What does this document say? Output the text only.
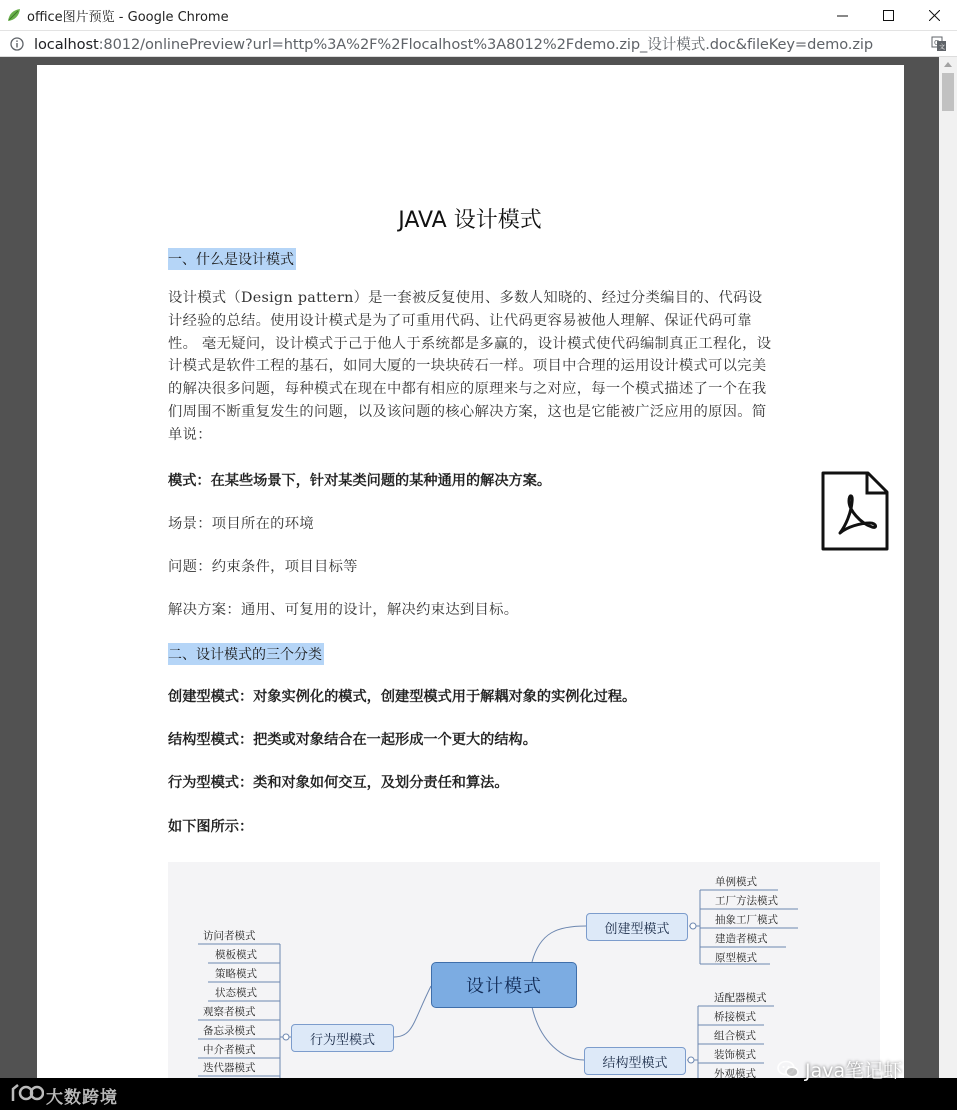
office图片预览 - Google Chrome
localhost:8012/onlinePreview?url=http%3A%2F%2Flocalhost%3A8012%2Fdemo.zip_设计模式.doc&fileKey=demo.zip	G
文
JAVA 设计模式
一、什么是设计模式
设计模式（Design pattern）是一套被反复使用、多数人知晓的、经过分类编目的、代码设计经验的总结。使用设计模式是为了可重用代码、让代码更容易被他人理解、保证代码可靠性。 毫无疑问，设计模式于己于他人于系统都是多赢的，设计模式使代码编制真正工程化，设计模式是软件工程的基石，如同大厦的一块块砖石一样。项目中合理的运用设计模式可以完美的解决很多问题，每种模式在现在中都有相应的原理来与之对应，每一个模式描述了一个在我们周围不断重复发生的问题，以及该问题的核心解决方案，这也是它能被广泛应用的原因。简单说：
模式：在某些场景下，针对某类问题的某种通用的解决方案。
场景：项目所在的环境
问题：约束条件，项目目标等
解决方案：通用、可复用的设计，解决约束达到目标。
二、设计模式的三个分类
创建型模式：对象实例化的模式，创建型模式用于解耦对象的实例化过程。
结构型模式：把类或对象结合在一起形成一个更大的结构。
行为型模式：类和对象如何交互，及划分责任和算法。
如下图所示：
设计模式
创建型模式
结构型模式
行为型模式
单例模式
工厂方法模式
抽象工厂模式
建造者模式
原型模式
适配器模式
桥接模式
组合模式
装饰模式
外观模式
访问者模式
模板模式
策略模式
状态模式
观察者模式
备忘录模式
中介者模式
迭代器模式
大数跨境
Java笔记虾
